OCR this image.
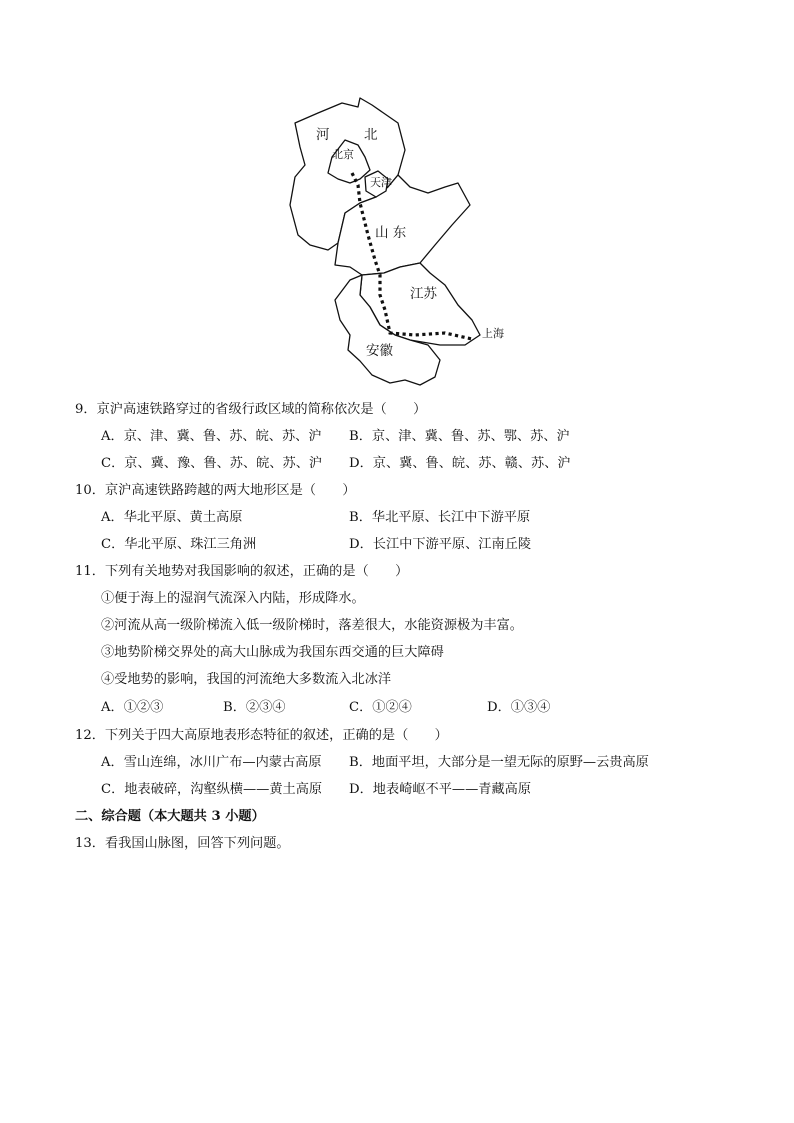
河	北
山 东
江苏
安徽
北京
天津
上海
9．京沪高速铁路穿过的省级行政区域的简称依次是（　　）
A．京、津、冀、鲁、苏、皖、苏、沪 B．京、津、冀、鲁、苏、鄂、苏、沪
C．京、冀、豫、鲁、苏、皖、苏、沪 D．京、冀、鲁、皖、苏、赣、苏、沪
10．京沪高速铁路跨越的两大地形区是（　　）
A．华北平原、黄土高原	B．华北平原、长江中下游平原
C．华北平原、珠江三角洲	D．长江中下游平原、江南丘陵
11．下列有关地势对我国影响的叙述，正确的是（　　）
①便于海上的湿润气流深入内陆，形成降水。
②河流从高一级阶梯流入低一级阶梯时，落差很大，水能资源极为丰富。
③地势阶梯交界处的高大山脉成为我国东西交通的巨大障碍
④受地势的影响，我国的河流绝大多数流入北冰洋
A．①②③	B．②③④	C．①②④	D．①③④
12．下列关于四大高原地表形态特征的叙述，正确的是（　　）
A．雪山连绵，冰川广布—内蒙古高原 B．地面平坦，大部分是一望无际的原野—云贵高原
C．地表破碎，沟壑纵横——黄土高原 D．地表崎岖不平——青藏高原
二、综合题（本大题共 3 小题）
13．看我国山脉图，回答下列问题。
